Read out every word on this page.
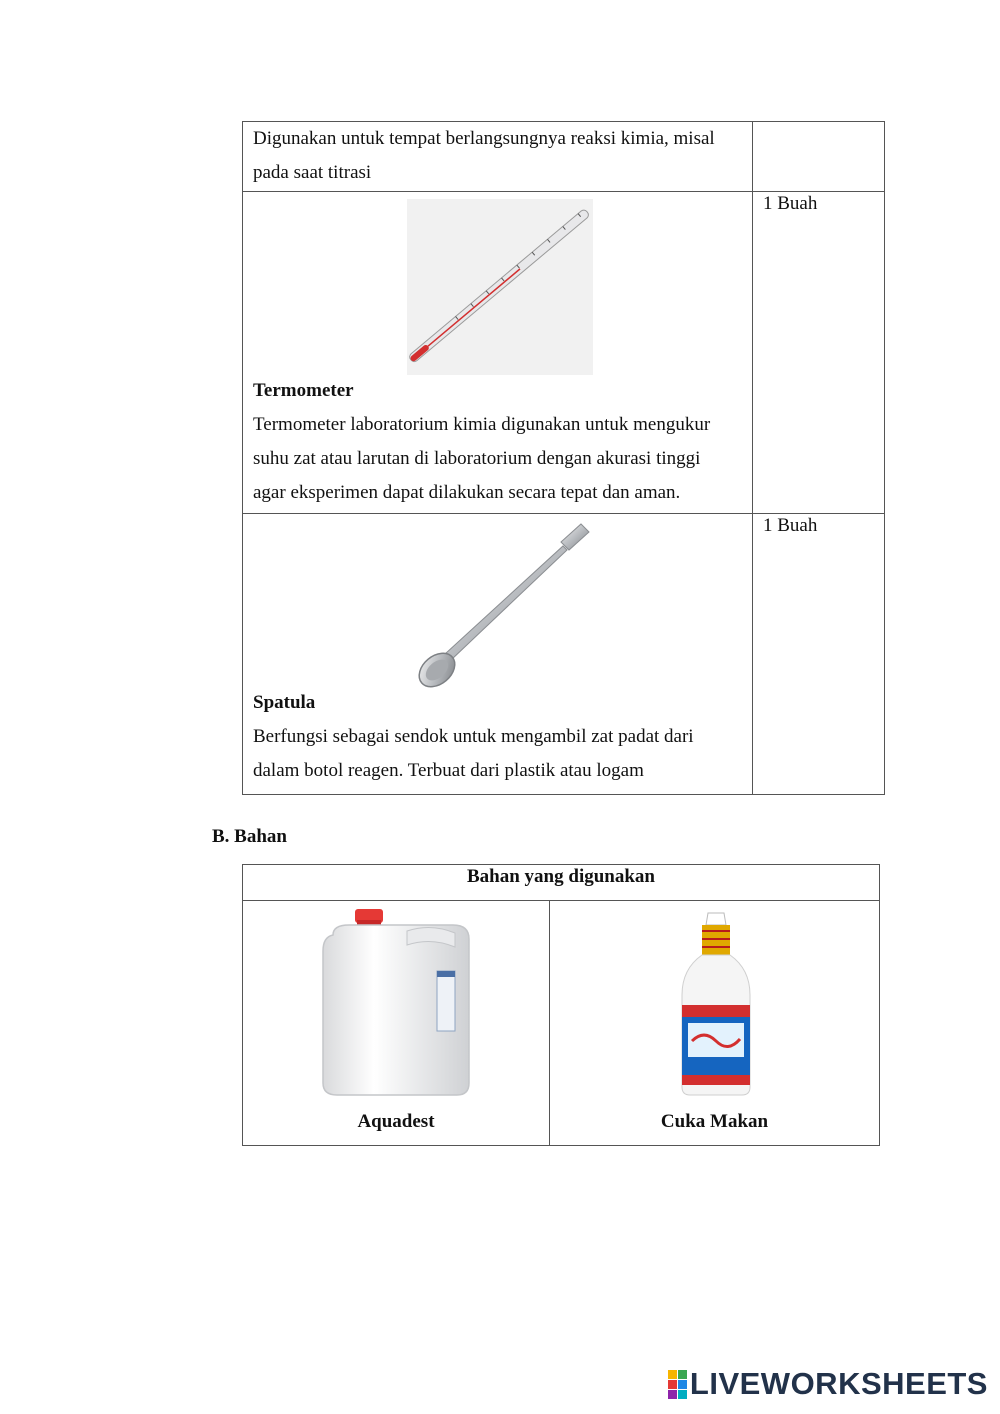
Digunakan untuk tempat berlangsungnya reaksi kimia, misal
pada saat titrasi	

Termometer
Termometer laboratorium kimia digunakan untuk mengukur
suhu zat atau larutan di laboratorium dengan akurasi tinggi
agar eksperimen dapat dilakukan secara tepat dan aman.	1 Buah

Spatula
Berfungsi sebagai sendok untuk mengambil zat padat dari
dalam botol reagen. Terbuat dari plastik atau logam	1 Buah
B. Bahan
Bahan yang digunakan

Aquadest	Cuka Makan
LIVEWORKSHEETS
